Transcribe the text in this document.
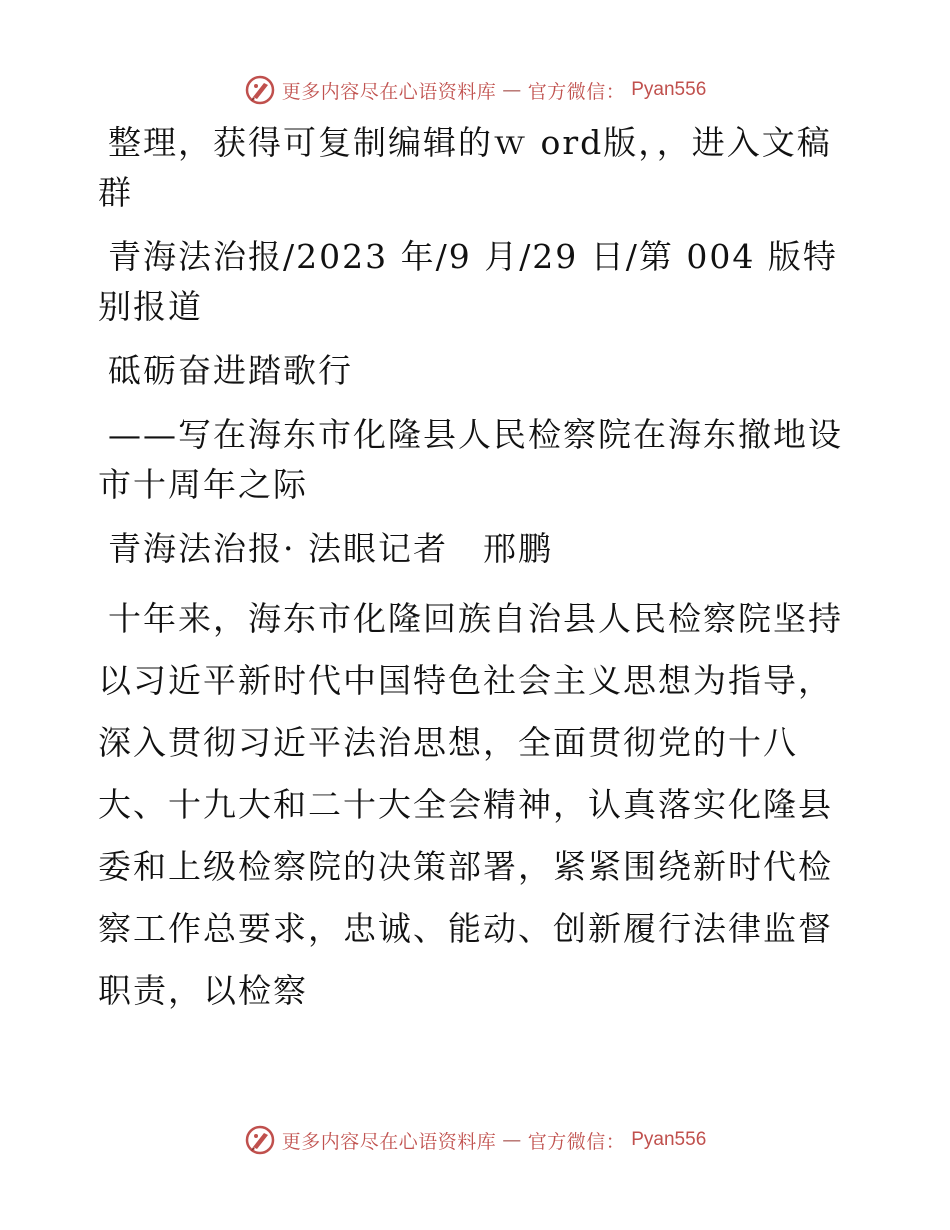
更多内容尽在心语资料库 — 官方微信： Pyan556

整理，获得可复制编辑的ｗ ord版，，进入文稿群

青海法治报/2023 年/9 月/29 日/第 004 版特别报道

砥砺奋进踏歌行

——写在海东市化隆县人民检察院在海东撤地设市十周年之际

青海法治报· 法眼记者　邢鹏

十年来，海东市化隆回族自治县人民检察院坚持以习近平新时代中国特色社会主义思想为指导，深入贯彻习近平法治思想，全面贯彻党的十八大、十九大和二十大全会精神，认真落实化隆县委和上级检察院的决策部署，紧紧围绕新时代检察工作总要求，忠诚、能动、创新履行法律监督职责，以检察

更多内容尽在心语资料库 — 官方微信： Pyan556
